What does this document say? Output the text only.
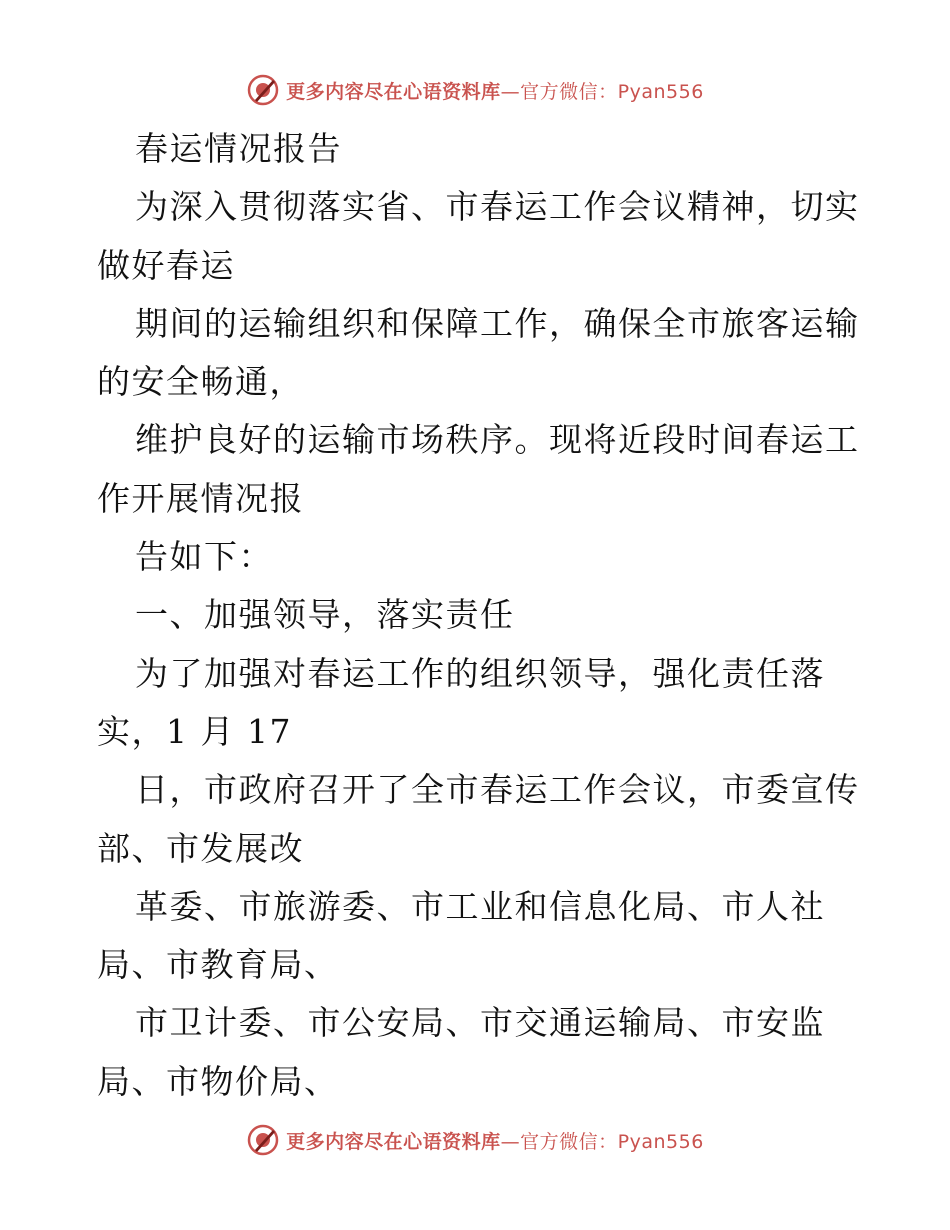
更多内容尽在心语资料库—官方微信：Pyan556
春运情况报告
为深入贯彻落实省、市春运工作会议精神，切实
做好春运
期间的运输组织和保障工作，确保全市旅客运输
的安全畅通，
维护良好的运输市场秩序。现将近段时间春运工
作开展情况报
告如下：
一、加强领导，落实责任
为了加强对春运工作的组织领导，强化责任落
实，1 月 17
日，市政府召开了全市春运工作会议，市委宣传
部、市发展改
革委、市旅游委、市工业和信息化局、市人社
局、市教育局、
市卫计委、市公安局、市交通运输局、市安监
局、市物价局、
更多内容尽在心语资料库—官方微信：Pyan556
